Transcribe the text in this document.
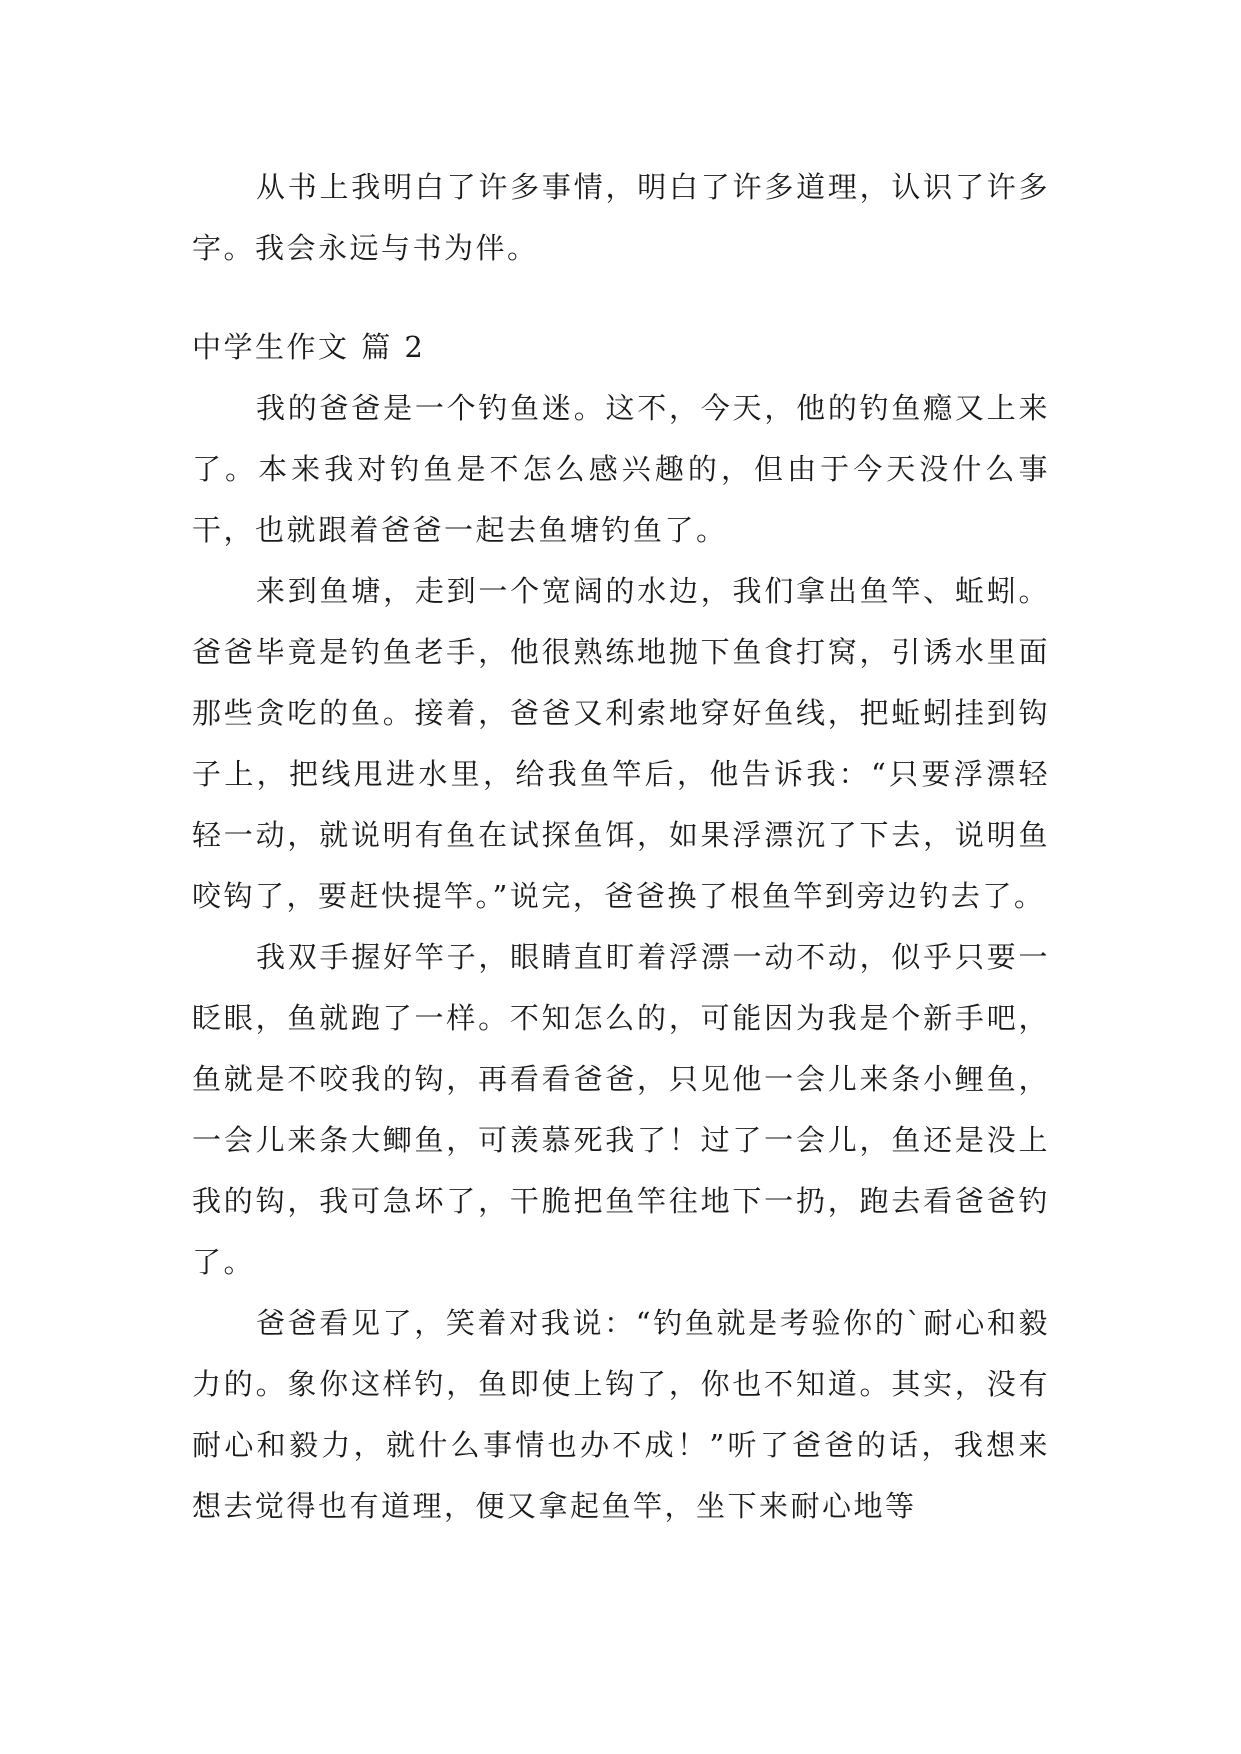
从书上我明白了许多事情，明白了许多道理，认识了许多字。我会永远与书为伴。

中学生作文 篇 2

我的爸爸是一个钓鱼迷。这不，今天，他的钓鱼瘾又上来了。本来我对钓鱼是不怎么感兴趣的，但由于今天没什么事干，也就跟着爸爸一起去鱼塘钓鱼了。

来到鱼塘，走到一个宽阔的水边，我们拿出鱼竿、蚯蚓。爸爸毕竟是钓鱼老手，他很熟练地抛下鱼食打窝，引诱水里面那些贪吃的鱼。接着，爸爸又利索地穿好鱼线，把蚯蚓挂到钩子上，把线甩进水里，给我鱼竿后，他告诉我：“只要浮漂轻轻一动，就说明有鱼在试探鱼饵，如果浮漂沉了下去，说明鱼咬钩了，要赶快提竿。”说完，爸爸换了根鱼竿到旁边钓去了。

我双手握好竿子，眼睛直盯着浮漂一动不动，似乎只要一眨眼，鱼就跑了一样。不知怎么的，可能因为我是个新手吧，鱼就是不咬我的钩，再看看爸爸，只见他一会儿来条小鲤鱼，一会儿来条大鲫鱼，可羡慕死我了！过了一会儿，鱼还是没上我的钩，我可急坏了，干脆把鱼竿往地下一扔，跑去看爸爸钓了。

爸爸看见了，笑着对我说：“钓鱼就是考验你的`耐心和毅力的。象你这样钓，鱼即使上钩了，你也不知道。其实，没有耐心和毅力，就什么事情也办不成！”听了爸爸的话，我想来想去觉得也有道理，便又拿起鱼竿，坐下来耐心地等
